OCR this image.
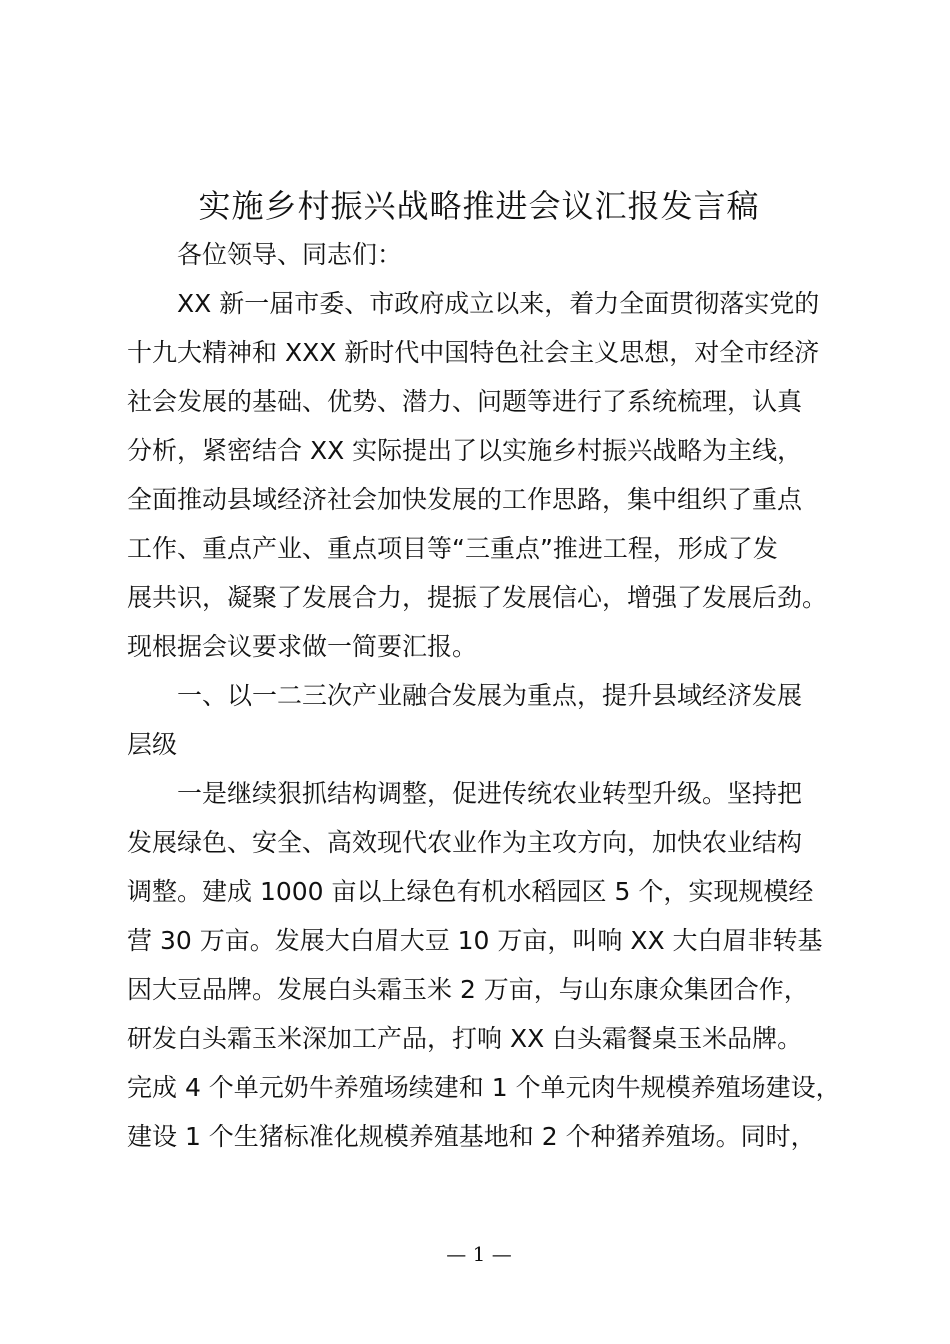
实施乡村振兴战略推进会议汇报发言稿
各位领导、同志们：
XX 新一届市委、市政府成立以来，着力全面贯彻落实党的
十九大精神和 XXX 新时代中国特色社会主义思想，对全市经济
社会发展的基础、优势、潜力、问题等进行了系统梳理，认真
分析，紧密结合 XX 实际提出了以实施乡村振兴战略为主线，
全面推动县域经济社会加快发展的工作思路，集中组织了重点
工作、重点产业、重点项目等“三重点”推进工程，形成了发
展共识，凝聚了发展合力，提振了发展信心，增强了发展后劲。
现根据会议要求做一简要汇报。
一、以一二三次产业融合发展为重点，提升县域经济发展
层级
一是继续狠抓结构调整，促进传统农业转型升级。坚持把
发展绿色、安全、高效现代农业作为主攻方向，加快农业结构
调整。建成 1000 亩以上绿色有机水稻园区 5 个，实现规模经
营 30 万亩。发展大白眉大豆 10 万亩，叫响 XX 大白眉非转基
因大豆品牌。发展白头霜玉米 2 万亩，与山东康众集团合作，
研发白头霜玉米深加工产品，打响 XX 白头霜餐桌玉米品牌。
完成 4 个单元奶牛养殖场续建和 1 个单元肉牛规模养殖场建设，
建设 1 个生猪标准化规模养殖基地和 2 个种猪养殖场。同时，
— 1 —
